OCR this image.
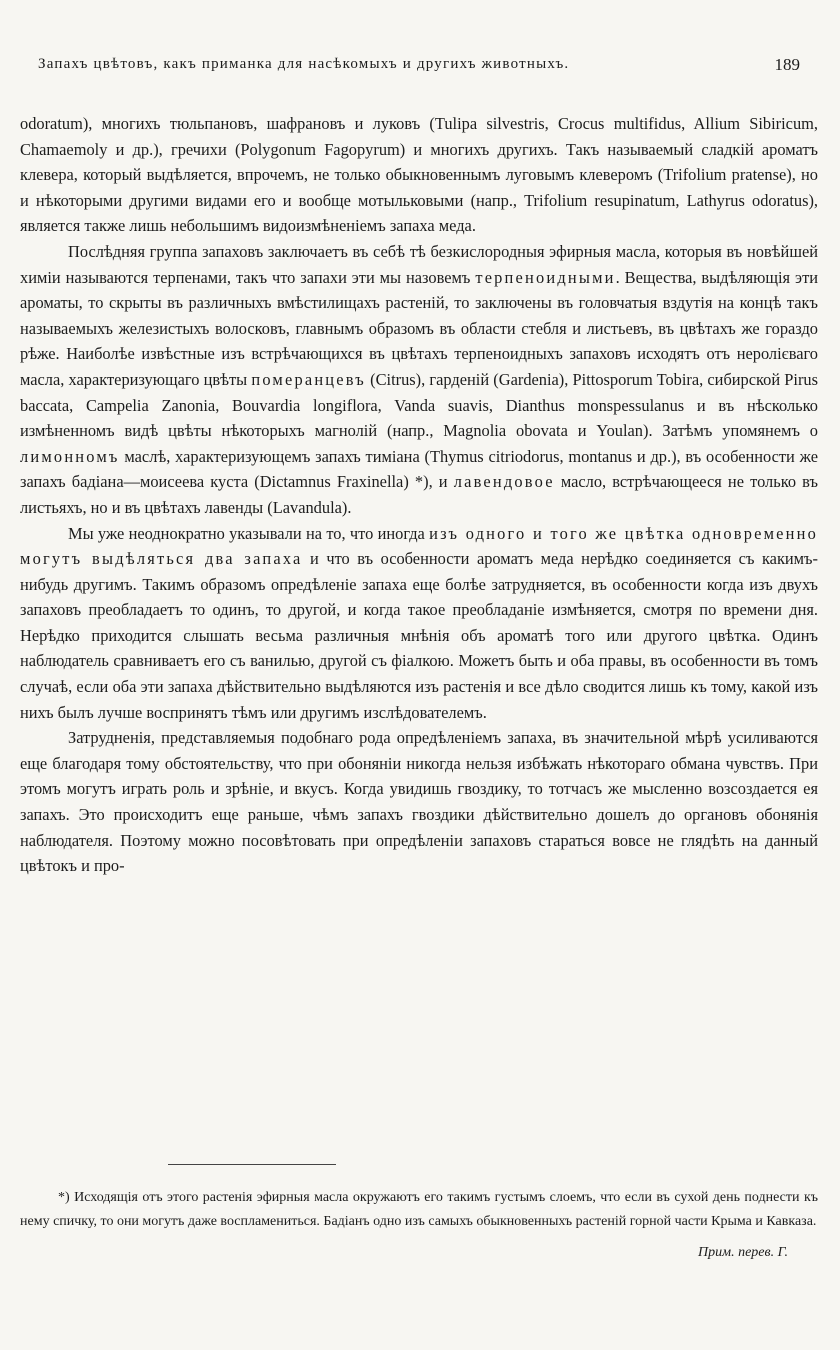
Запахъ цвѣтовъ, какъ приманка для насѣкомыхъ и другихъ животныхъ.	189

odoratum), многихъ тюльпановъ, шафрановъ и луковъ (Tulipa silvestris, Crocus multifidus, Allium Sibiricum, Chamaemoly и др.), гречихи (Polygonum Fagopyrum) и многихъ другихъ. Такъ называемый сладкій ароматъ клевера, который выдѣляется, впрочемъ, не только обыкновеннымъ луговымъ клеверомъ (Trifolium pratense), но и нѣкоторыми другими видами его и вообще мотыльковыми (напр., Trifolium resupinatum, Lathyrus odoratus), является также лишь небольшимъ видоизмѣненіемъ запаха меда.

Послѣдняя группа запаховъ заключаетъ въ себѣ тѣ безкислородныя эфирныя масла, которыя въ новѣйшей химіи называются терпенами, такъ что запахи эти мы назовемъ терпеноидными. Вещества, выдѣляющія эти ароматы, то скрыты въ различныхъ вмѣстилищахъ растеній, то заключены въ головчатыя вздутія на концѣ такъ называемыхъ железистыхъ волосковъ, главнымъ образомъ въ области стебля и листьевъ, въ цвѣтахъ же гораздо рѣже. Наиболѣе извѣстные изъ встрѣчающихся въ цвѣтахъ терпеноидныхъ запаховъ исходятъ отъ неролієваго масла, характеризующаго цвѣты померанцевъ (Citrus), гарденій (Gardenia), Pittosporum Tobira, сибирской Pirus baccata, Campelia Zanonia, Bouvardia longiflora, Vanda suavis, Dianthus monspessulanus и въ нѣсколько измѣненномъ видѣ цвѣты нѣкоторыхъ магнолій (напр., Magnolia obovata и Youlan). Затѣмъ упомянемъ о лимонномъ маслѣ, характеризующемъ запахъ тиміана (Thymus citriodorus, montanus и др.), въ особенности же запахъ бадіана—моисеева куста (Dictamnus Fraxinella) *), и лавендовое масло, встрѣчающееся не только въ листьяхъ, но и въ цвѣтахъ лавенды (Lavandula).

Мы уже неоднократно указывали на то, что иногда изъ одного и того же цвѣтка одновременно могутъ выдѣляться два запаха и что въ особенности ароматъ меда нерѣдко соединяется съ какимъ-нибудь другимъ. Такимъ образомъ опредѣленіе запаха еще болѣе затрудняется, въ особенности когда изъ двухъ запаховъ преобладаетъ то одинъ, то другой, и когда такое преобладаніе измѣняется, смотря по времени дня. Нерѣдко приходится слышать весьма различныя мнѣнія объ ароматѣ того или другого цвѣтка. Одинъ наблюдатель сравниваетъ его съ ванилью, другой съ фіалкою. Можетъ быть и оба правы, въ особенности въ томъ случаѣ, если оба эти запаха дѣйствительно выдѣляются изъ растенія и все дѣло сводится лишь къ тому, какой изъ нихъ былъ лучше воспринятъ тѣмъ или другимъ изслѣдователемъ.

Затрудненія, представляемыя подобнаго рода опредѣленіемъ запаха, въ значительной мѣрѣ усиливаются еще благодаря тому обстоятельству, что при обоняніи никогда нельзя избѣжать нѣкотораго обмана чувствъ. При этомъ могутъ играть роль и зрѣніе, и вкусъ. Когда увидишь гвоздику, то тотчасъ же мысленно возсоздается ея запахъ. Это происходитъ еще раньше, чѣмъ запахъ гвоздики дѣйствительно дошелъ до органовъ обонянія наблюдателя. Поэтому можно посовѣтовать при опредѣленіи запаховъ стараться вовсе не глядѣть на данный цвѣтокъ и про-

*) Исходящія отъ этого растенія эфирныя масла окружаютъ его такимъ густымъ слоемъ, что если въ сухой день поднести къ нему спичку, то они могутъ даже воспламениться. Бадіанъ одно изъ самыхъ обыкновенныхъ растеній горной части Крыма и Кавказа.

Прим. перев. Г.
